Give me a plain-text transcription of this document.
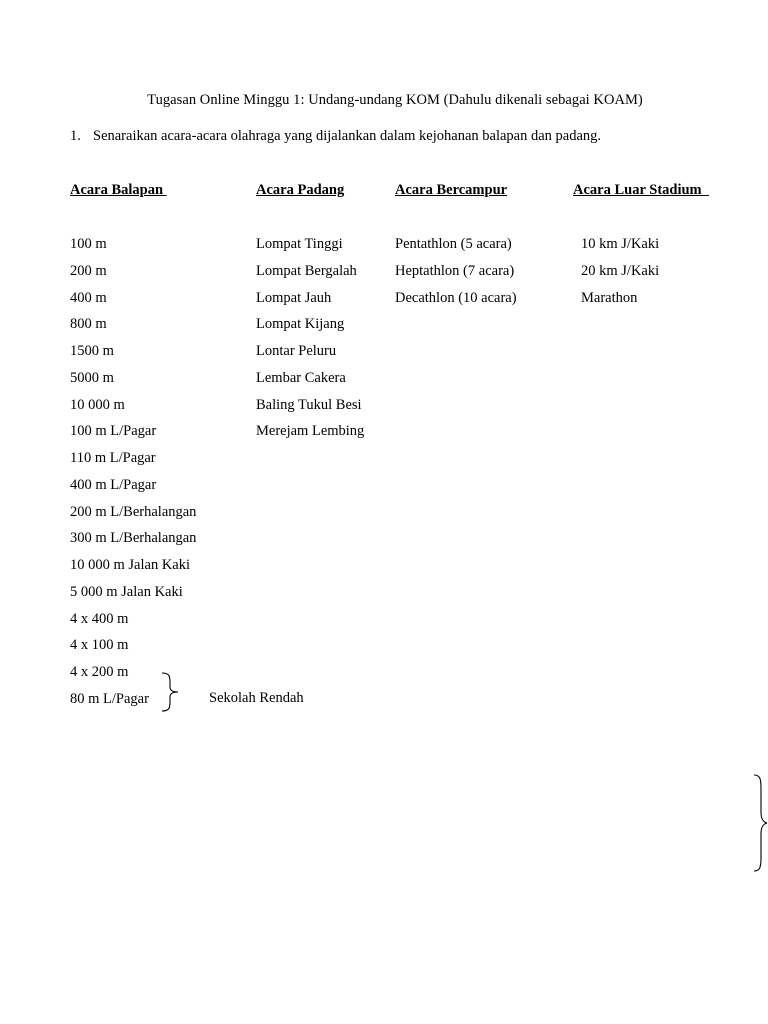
Tugasan Online Minggu 1: Undang-undang KOM (Dahulu dikenali sebagai KOAM)
1. Senaraikan acara-acara olahraga yang dijalankan dalam kejohanan balapan dan padang.
Acara Balapan
100 m
200 m
400 m
800 m
1500 m
5000 m
10 000 m
100 m L/Pagar
110 m L/Pagar
400 m L/Pagar
200 m L/Berhalangan
300 m L/Berhalangan
10 000 m Jalan Kaki
5 000 m Jalan Kaki
4 x 400 m
4 x 100 m
4 x 200 m
80 m L/Pagar
Acara Padang
Lompat Tinggi
Lompat Bergalah
Lompat Jauh
Lompat Kijang
Lontar Peluru
Lembar Cakera
Baling Tukul Besi
Merejam Lembing
Acara Bercampur
Pentathlon (5 acara)
Heptathlon (7 acara)
Decathlon (10 acara)
Acara Luar Stadium
10 km J/Kaki
20 km J/Kaki
Marathon
Sekolah Rendah
